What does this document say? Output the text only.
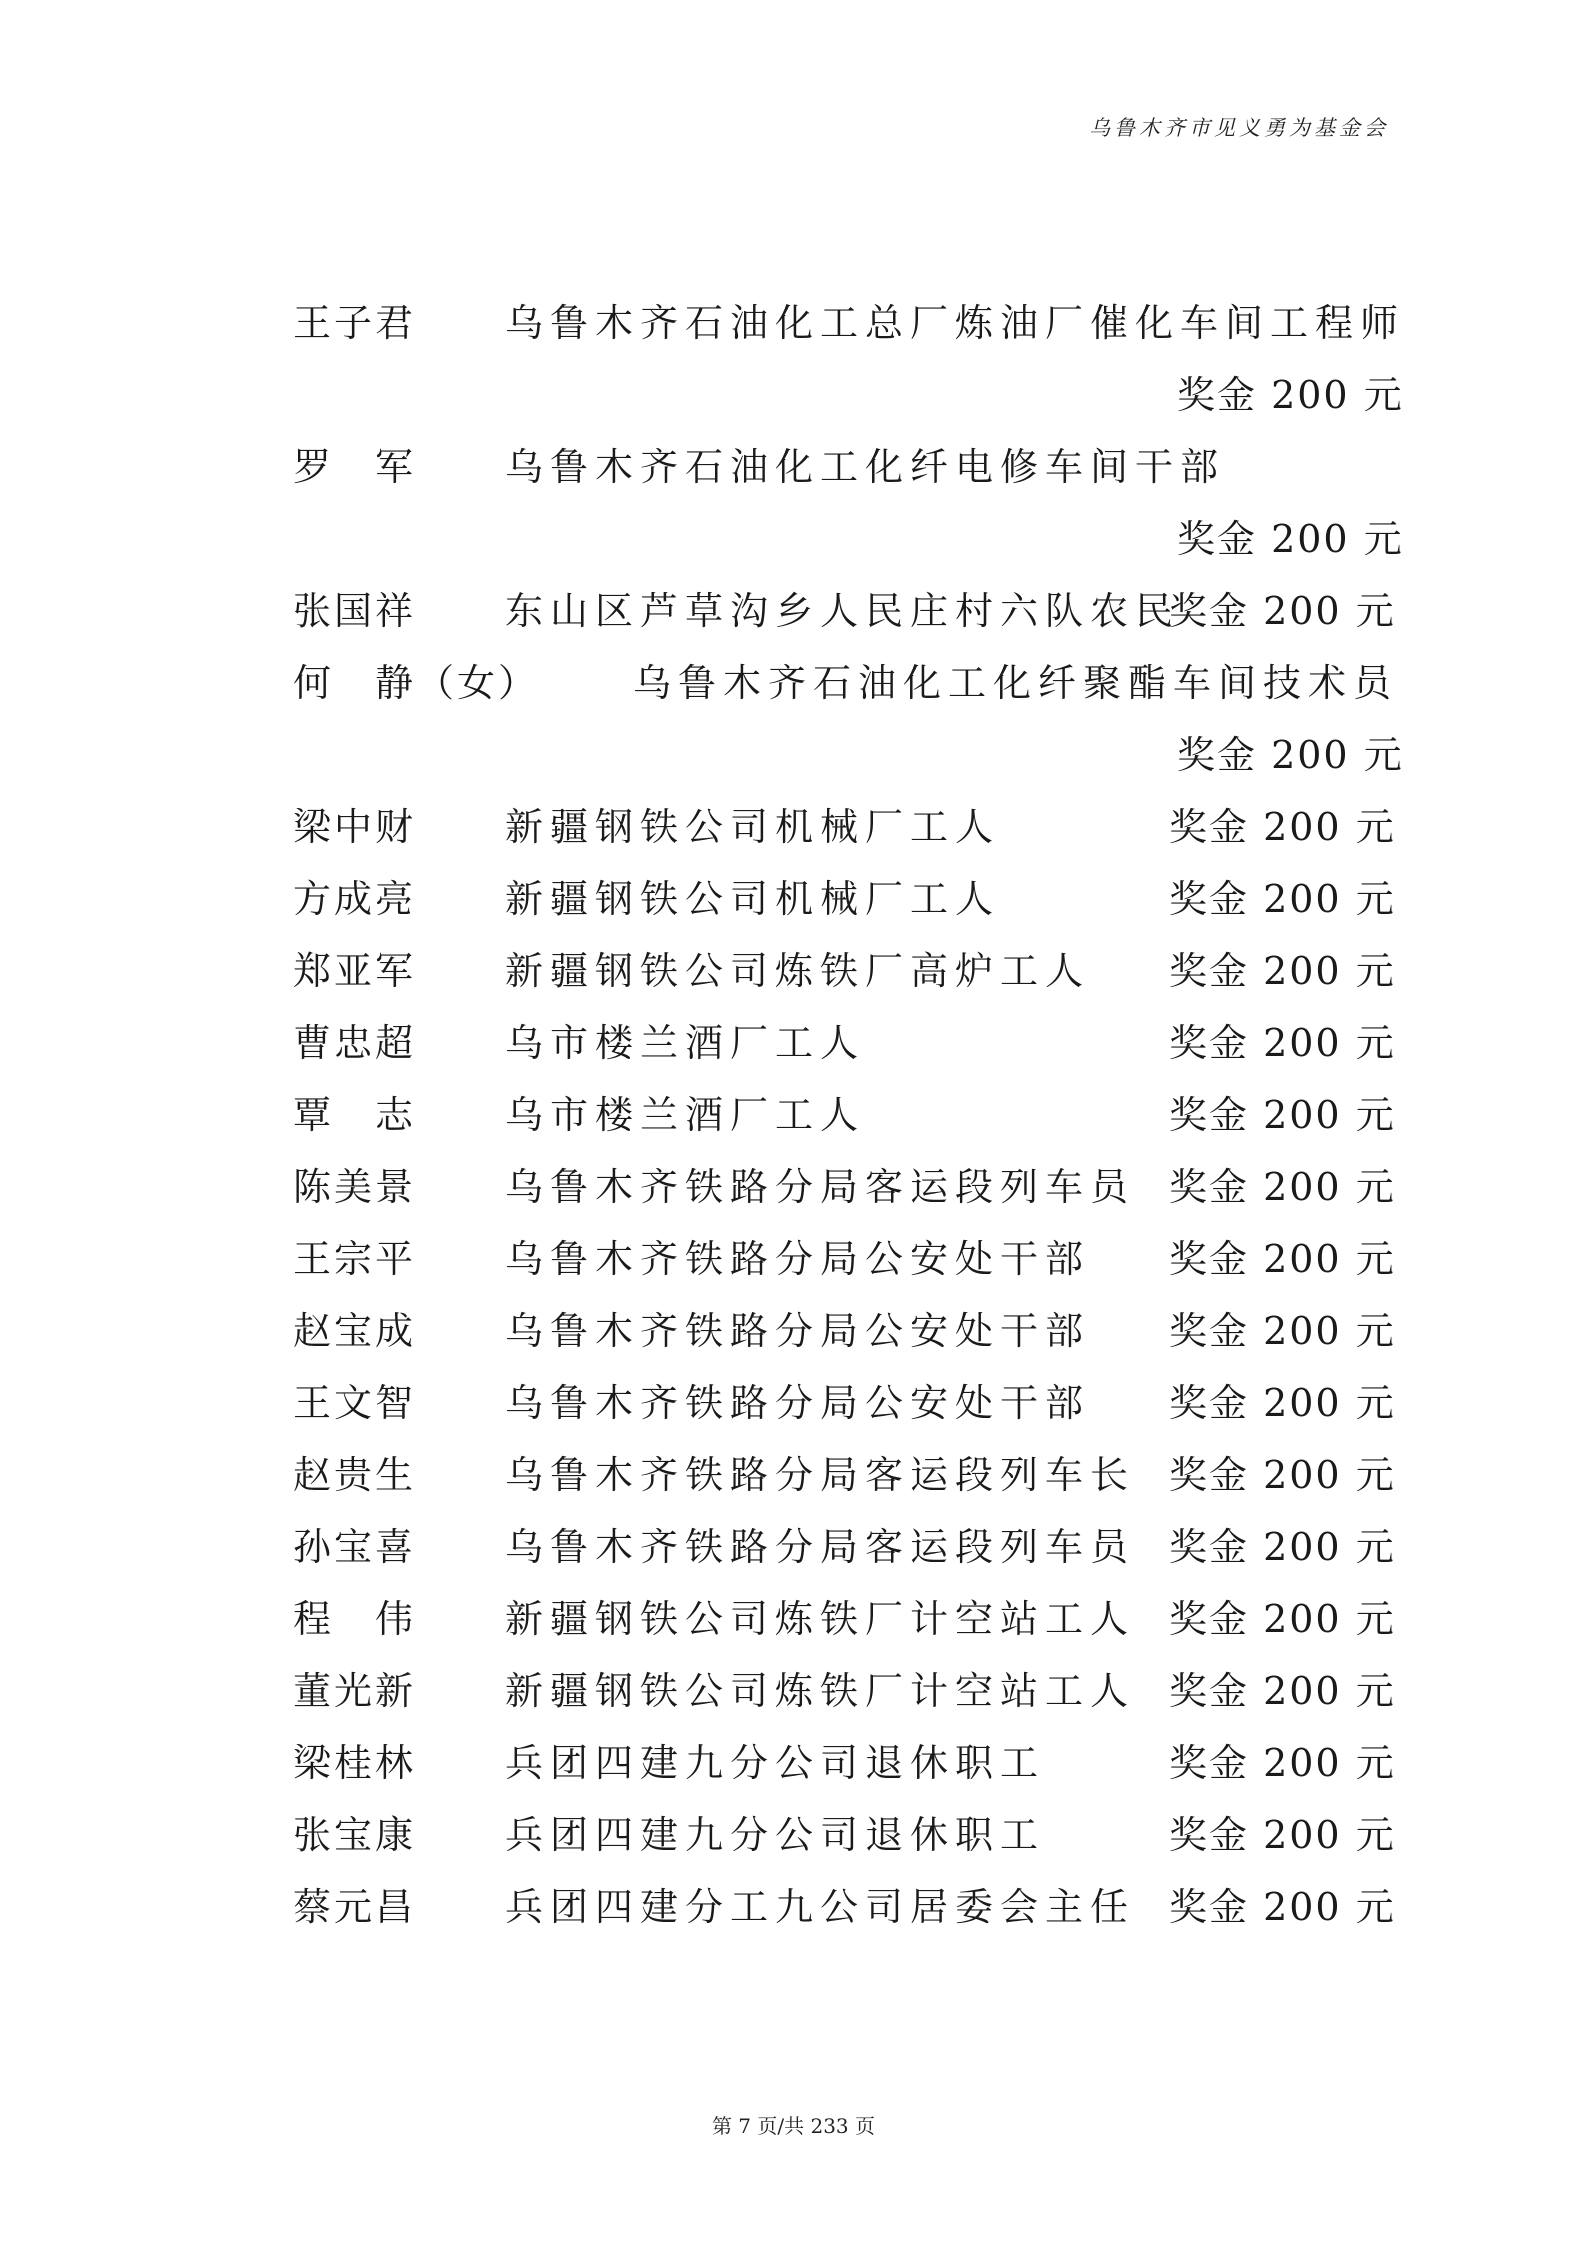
乌鲁木齐市见义勇为基金会
王子君 乌鲁木齐石油化工总厂炼油厂催化车间工程师
奖金 200 元
罗　军 乌鲁木齐石油化工化纤电修车间干部
奖金 200 元
张国祥 东山区芦草沟乡人民庄村六队农民
奖金 200 元
何　静（女） 乌鲁木齐石油化工化纤聚酯车间技术员
奖金 200 元
梁中财 新疆钢铁公司机械厂工人	奖金 200 元
方成亮 新疆钢铁公司机械厂工人	奖金 200 元
郑亚军 新疆钢铁公司炼铁厂高炉工人 奖金 200 元
曹忠超 乌市楼兰酒厂工人	奖金 200 元
覃　志 乌市楼兰酒厂工人	奖金 200 元
陈美景 乌鲁木齐铁路分局客运段列车员 奖金 200 元
王宗平 乌鲁木齐铁路分局公安处干部 奖金 200 元
赵宝成 乌鲁木齐铁路分局公安处干部 奖金 200 元
王文智 乌鲁木齐铁路分局公安处干部 奖金 200 元
赵贵生 乌鲁木齐铁路分局客运段列车长 奖金 200 元
孙宝喜 乌鲁木齐铁路分局客运段列车员 奖金 200 元
程　伟 新疆钢铁公司炼铁厂计空站工人 奖金 200 元
董光新 新疆钢铁公司炼铁厂计空站工人 奖金 200 元
梁桂林 兵团四建九分公司退休职工	奖金 200 元
张宝康 兵团四建九分公司退休职工	奖金 200 元
蔡元昌 兵团四建分工九公司居委会主任 奖金 200 元
第 7 页/共 233 页
